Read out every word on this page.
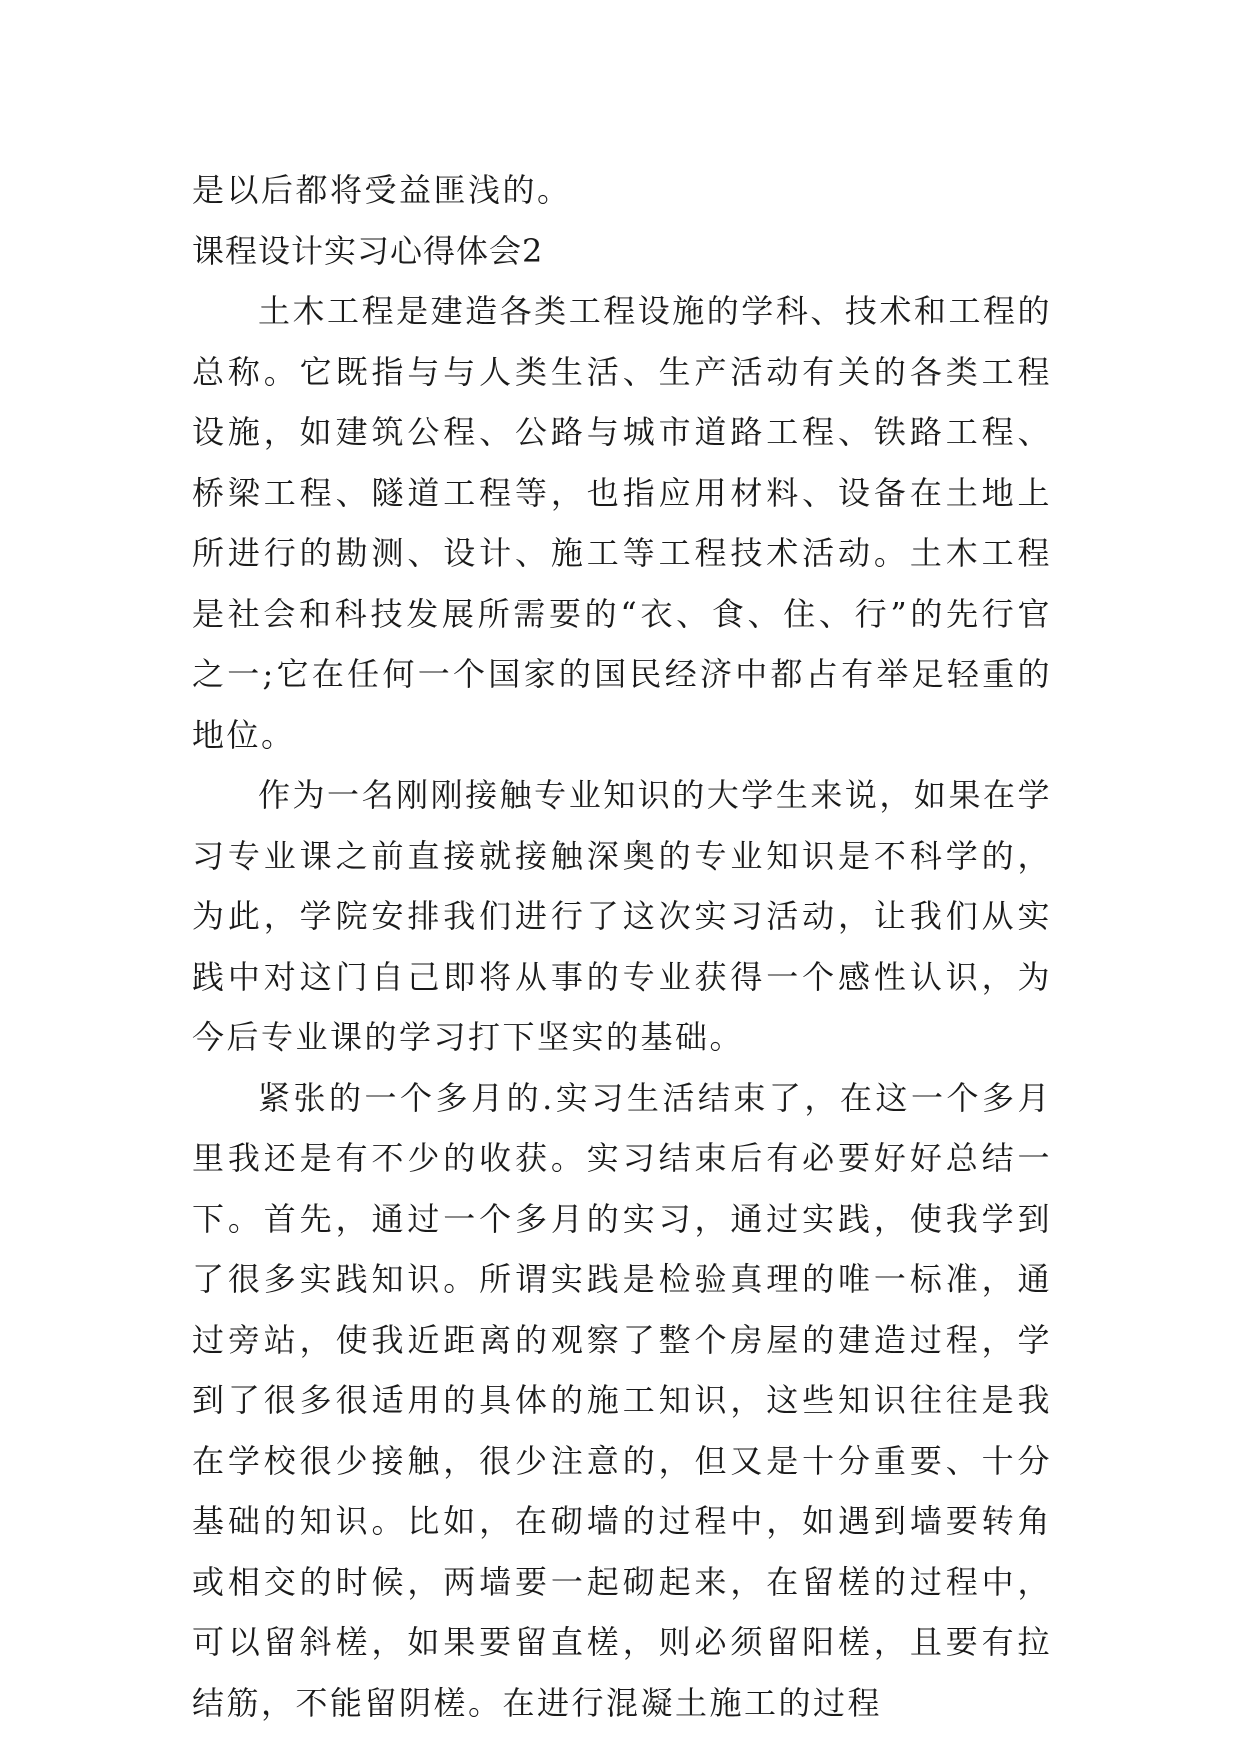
是以后都将受益匪浅的。

课程设计实习心得体会2

土木工程是建造各类工程设施的学科、技术和工程的总称。它既指与与人类生活、生产活动有关的各类工程设施，如建筑公程、公路与城市道路工程、铁路工程、桥梁工程、隧道工程等，也指应用材料、设备在土地上所进行的勘测、设计、施工等工程技术活动。土木工程是社会和科技发展所需要的“衣、食、住、行”的先行官之一;它在任何一个国家的国民经济中都占有举足轻重的地位。

作为一名刚刚接触专业知识的大学生来说，如果在学习专业课之前直接就接触深奥的专业知识是不科学的，为此，学院安排我们进行了这次实习活动，让我们从实践中对这门自己即将从事的专业获得一个感性认识，为今后专业课的学习打下坚实的基础。

紧张的一个多月的.实习生活结束了，在这一个多月里我还是有不少的收获。实习结束后有必要好好总结一下。首先，通过一个多月的实习，通过实践，使我学到了很多实践知识。所谓实践是检验真理的唯一标准，通过旁站，使我近距离的观察了整个房屋的建造过程，学到了很多很适用的具体的施工知识，这些知识往往是我在学校很少接触，很少注意的，但又是十分重要、十分基础的知识。比如，在砌墙的过程中，如遇到墙要转角或相交的时候，两墙要一起砌起来，在留槎的过程中，可以留斜槎，如果要留直槎，则必须留阳槎，且要有拉结筋，不能留阴槎。在进行混凝土施工的过程
